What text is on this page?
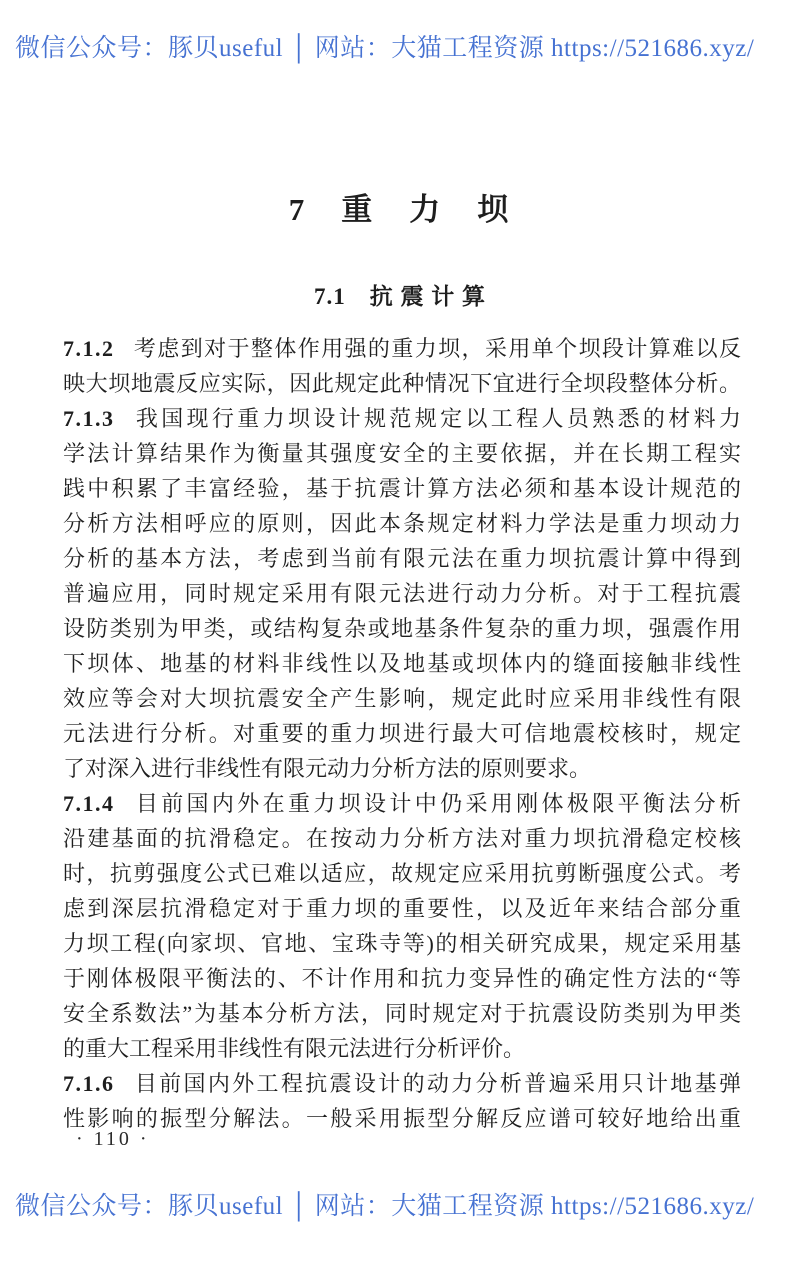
微信公众号：豚贝useful │ 网站：大猫工程资源 https://521686.xyz/
7　重　力　坝
7.1　抗 震 计 算
7.1.2 考虑到对于整体作用强的重力坝，采用单个坝段计算难以反
映大坝地震反应实际，因此规定此种情况下宜进行全坝段整体分析。
7.1.3 我国现行重力坝设计规范规定以工程人员熟悉的材料力
学法计算结果作为衡量其强度安全的主要依据，并在长期工程实
践中积累了丰富经验，基于抗震计算方法必须和基本设计规范的
分析方法相呼应的原则，因此本条规定材料力学法是重力坝动力
分析的基本方法，考虑到当前有限元法在重力坝抗震计算中得到
普遍应用，同时规定采用有限元法进行动力分析。对于工程抗震
设防类别为甲类，或结构复杂或地基条件复杂的重力坝，强震作用
下坝体、地基的材料非线性以及地基或坝体内的缝面接触非线性
效应等会对大坝抗震安全产生影响，规定此时应采用非线性有限
元法进行分析。对重要的重力坝进行最大可信地震校核时，规定
了对深入进行非线性有限元动力分析方法的原则要求。
7.1.4 目前国内外在重力坝设计中仍采用刚体极限平衡法分析
沿建基面的抗滑稳定。在按动力分析方法对重力坝抗滑稳定校核
时，抗剪强度公式已难以适应，故规定应采用抗剪断强度公式。考
虑到深层抗滑稳定对于重力坝的重要性，以及近年来结合部分重
力坝工程(向家坝、官地、宝珠寺等)的相关研究成果，规定采用基
于刚体极限平衡法的、不计作用和抗力变异性的确定性方法的“等
安全系数法”为基本分析方法，同时规定对于抗震设防类别为甲类
的重大工程采用非线性有限元法进行分析评价。
7.1.6 目前国内外工程抗震设计的动力分析普遍采用只计地基弹
性影响的振型分解法。一般采用振型分解反应谱可较好地给出重
· 110 ·
微信公众号：豚贝useful │ 网站：大猫工程资源 https://521686.xyz/
